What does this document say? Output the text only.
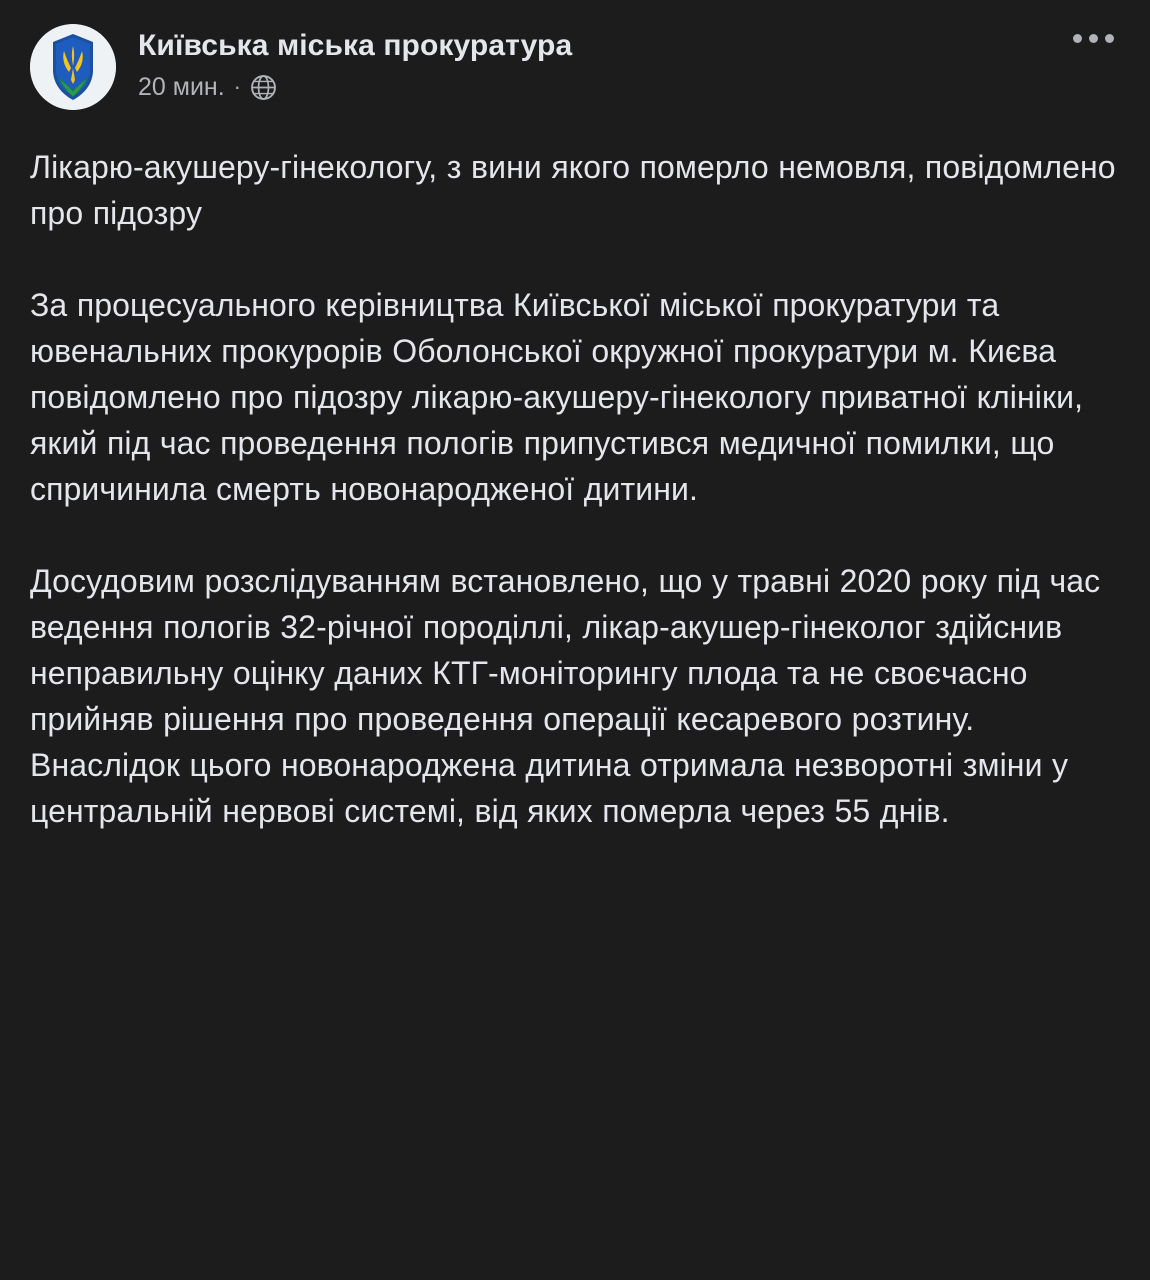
Київська міська прокуратура
20 мин. ·

Лікарю-акушеру-гінекологу, з вини якого померло немовля, повідомлено про підозру

За процесуального керівництва Київської міської прокуратури та ювенальних прокурорів Оболонської окружної прокуратури м. Києва повідомлено про підозру лікарю-акушеру-гінекологу приватної клініки, який під час проведення пологів припустився медичної помилки, що спричинила смерть новонародженої дитини.

Досудовим розслідуванням встановлено, що у травні 2020 року під час ведення пологів 32-річної породіллі, лікар-акушер-гінеколог здійснив неправильну оцінку даних КТГ-моніторингу плода та не своєчасно прийняв рішення про проведення операції кесаревого розтину. Внаслідок цього новонароджена дитина отримала незворотні зміни у центральній нервові системі, від яких померла через 55 днів.
